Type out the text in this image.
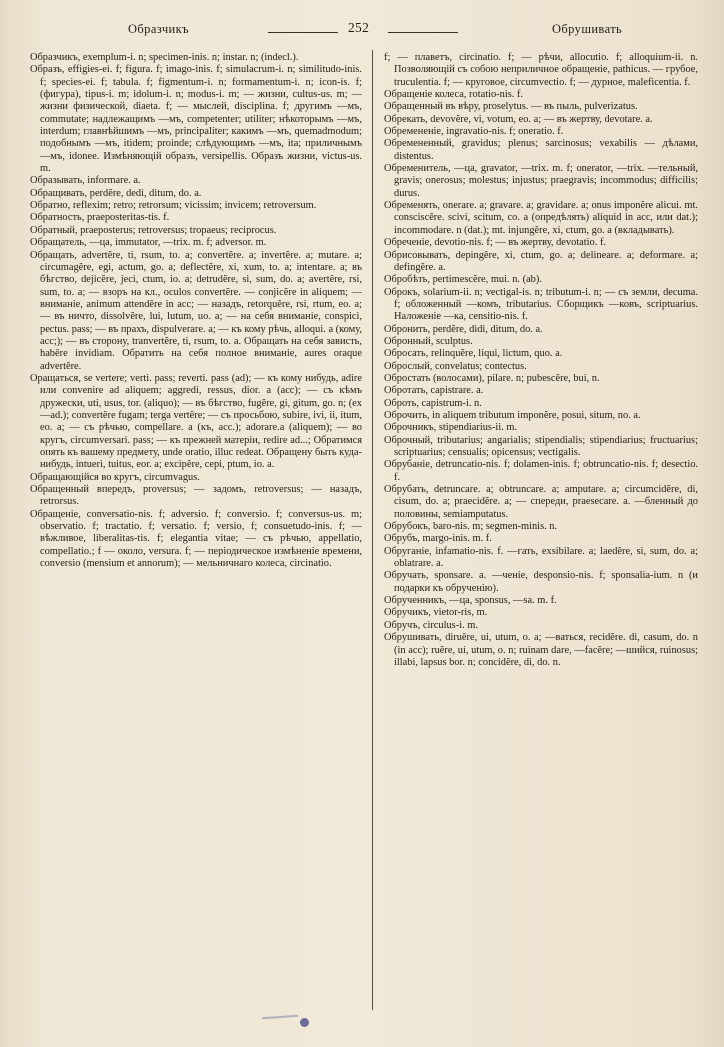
Образчикъ	252	Обрушивать

Образчикъ, exemplum-i. n; specimen-inis. n; instar. n; (indecl.).

Образъ, effigies-ei. f; figura. f; imago-inis. f; simulacrum-i. n; similitudo-inis. f; species-ei. f; tabula. f; figmentum-i. n; formamentum-i. n; icon-is. f; (фигура), tipus-i. m; idolum-i. n; modus-i. m; — жизни, cultus-us. m; — жизни физической, diaeta. f; — мыслей, disciplina. f; другимъ —мъ, commutate; надлежащимъ —мъ, competenter; utiliter; нѣкоторымъ —мъ, interdum; главнѣйшимъ —мъ, principaliter; какимъ —мъ, quemadmodum; подобнымъ —мъ, itidem; proinde; слѣдующимъ —мъ, ita; приличнымъ —мъ, idonee. Измѣняющій образъ, versipellis. Образъ жизни, victus-us. m.

Образывать, informare. a.

Обращивать, perdĕre, dedi, ditum, do. a.

Обратно, reflexim; retro; retrorsum; vicissim; invicem; retroversum.

Обратность, praeposteritas-tis. f.

Обратный, praeposterus; retroversus; tropaeus; reciprocus.

Обращатель, —ца, immutator, —trix. m. f; adversor. m.

Обращать, advertĕre, ti, rsum, to. a; convertĕre. a; invertĕre. a; mutare. a; circumagĕre, egi, actum, go. a; deflectĕre, xi, xum, to. a; intentare. a; въ бѣгство, dejicĕre, jeci, ctum, io. a; detrudĕre, si, sum, do. a; avertĕre, rsi, sum, to. a; — взоръ на кл., oculos convertĕre. — conjicĕre in aliquem; — вниманіе, animum attendĕre in acc; — назадъ, retorquĕre, rsi, rtum, eo. a; — въ ничто, dissolvĕre, lui, lutum, uo. a; — на себя вниманіе, conspici, pectus. pass; — въ прахъ, dispulverare. a; — къ кому рѣчь, alloqui. a (кому, acc;); — въ сторону, tranvertĕre, ti, rsum, to. a. Обращать на себя зависть, habēre invidiam. Обратить на себя полное вниманіе, aures oraque advertĕre.

Оращаться, se vertere; verti. pass; reverti. pass (ad); — къ кому нибудь, adire или convenire ad aliquem; aggredi, ressus, dior. a (acc); — съ кѣмъ дружески, uti, usus, tor. (aliquo); — въ бѣгство, fugĕre, gi, gitum, go. n; (ex—ad.); convertĕre fugam; terga vertĕre; — съ просьбою, subire, ivi, ii, itum, eo. a; — съ рѣчью, compellare. a (къ, acc.); adorare.a (aliquem); — во кругъ, circumversari. pass; — къ прежней матеріи, redire ad...; Обратимся опять къ вашему предмету, unde oratio, illuc redeat. Обращену быть куда-нибудь, intueri, tuitus, eor. a; excipĕre, cepi, ptum, io. a.

Обращающійся во кругъ, circumvagus.

Обращенный впередъ, proversus; — задомъ, retroversus; — назадъ, retrorsus.

Обращеніе, conversatio-nis. f; adversio. f; conversio. f; conversus-us. m; observatio. f; tractatio. f; versatio. f; versio, f; consuetudo-inis. f; — вѣжливое, liberalitas-tis. f; elegantia vitae; — съ рѣчью, appellatio, compellatio.; f — около, versura. f; — періодическое измѣненіе времени, conversio (mensium et annorum); — мельничнаго колеса, circinatio.

f; — плаветъ, circinatio. f; — рѣчи, allocutio. f; alloquium-ii. n. Позволяющій съ собою неприличное обращеніе, pathicus. — грубое, truculentia. f; — круговое, circumvectio. f; — дурное, maleficentia. f.

Обращеніе колеса, rotatio-nis. f.

Обращенный въ вѣру, proselytus. — въ пыль, pulverizatus.

Обрекать, devovĕre, vi, votum, eo. a; — въ жертву, devotare. a.

Обремененіе, ingravatio-nis. f; oneratio. f.

Обремененный, gravidus; plenus; sarcinosus; vexabilis — дѣлами, distentus.

Обременитель, —ца, gravator, —trix. m. f; onerator, —trix. —тельный, gravis; onerosus; molestus; injustus; praegravis; incommodus; difficilis; durus.

Обременять, onerare. a; gravare. a; gravidare. a; onus imponĕre alicui. mt. consciscĕre. scivi, scitum, co. a (опредѣлять) aliquid in acc, или dat.); incommodare. n (dat.); mt. injungĕre, xi, ctum, go. a (вкладывать).

Обреченіе, devotio-nis. f; — въ жертву, devotatio. f.

Обрисовывать, depingĕre, xi, ctum, go. a; delineare. a; deformare. a; defingĕre. a.

Обробѣть, pertimescĕre, mui. n. (ab).

Оброкъ, solarium-ii. n; vectigal-is. n; tributum-i. n; — съ земли, decuma. f; обложенный —комъ, tributarius. Сборщикъ —ковъ, scriptuarius. Наложеніе —ка, censitio-nis. f.

Обронить, perdĕre, didi, ditum, do. a.

Обронный, sculptus.

Обросать, relinquĕre, liqui, lictum, quo. a.

Оброслый, convelatus; contectus.

Обростать (волосами), pilare. n; pubescĕre, bui, n.

Обротать, capistrare. a.

Оброть, capistrum-i. n.

Оброчить, in aliquem tributum imponĕre, posui, situm, no. a.

Оброчникъ, stipendiarius-ii. m.

Оброчный, tributarius; angarialis; stipendialis; stipendiarius; fructuarius; scriptuarius; censualis; opicensus; vectigalis.

Обрубаніе, detruncatio-nis. f; dolamen-inis. f; obtruncatio-nis. f; desectio. f.

Обрубать, detruncare. a; obtruncare. a; amputare. a; circumcidĕre, di, cisum, do. a; praecidĕre. a; — спереди, praesecare. a. —бленный до половины, semiamputatus.

Обрубокъ, baro-nis. m; segmen-minis. n.

Обрубъ, margo-inis. m. f.

Обруганіе, infamatio-nis. f. —гать, exsibilare. a; laedĕre, si, sum, do. a; oblatrare. a.

Обручать, sponsare. a. —ченіе, desponsio-nis. f; sponsalia-ium. n (и подарки къ обрученію).

Обрученникъ, —ца, sponsus, —sa. m. f.

Обручикъ, vietor-ris, m.

Обручъ, circulus-i. m.

Обрушивать, diruĕre, ui, utum, o. a; —ваться, recidĕre. di, casum, do. n (in acc); ruĕre, ui, utum, o. n; ruinam dare, —facĕre; —шийся, ruinosus; illabi, lapsus bor. n; concidĕre, di, do. n.
